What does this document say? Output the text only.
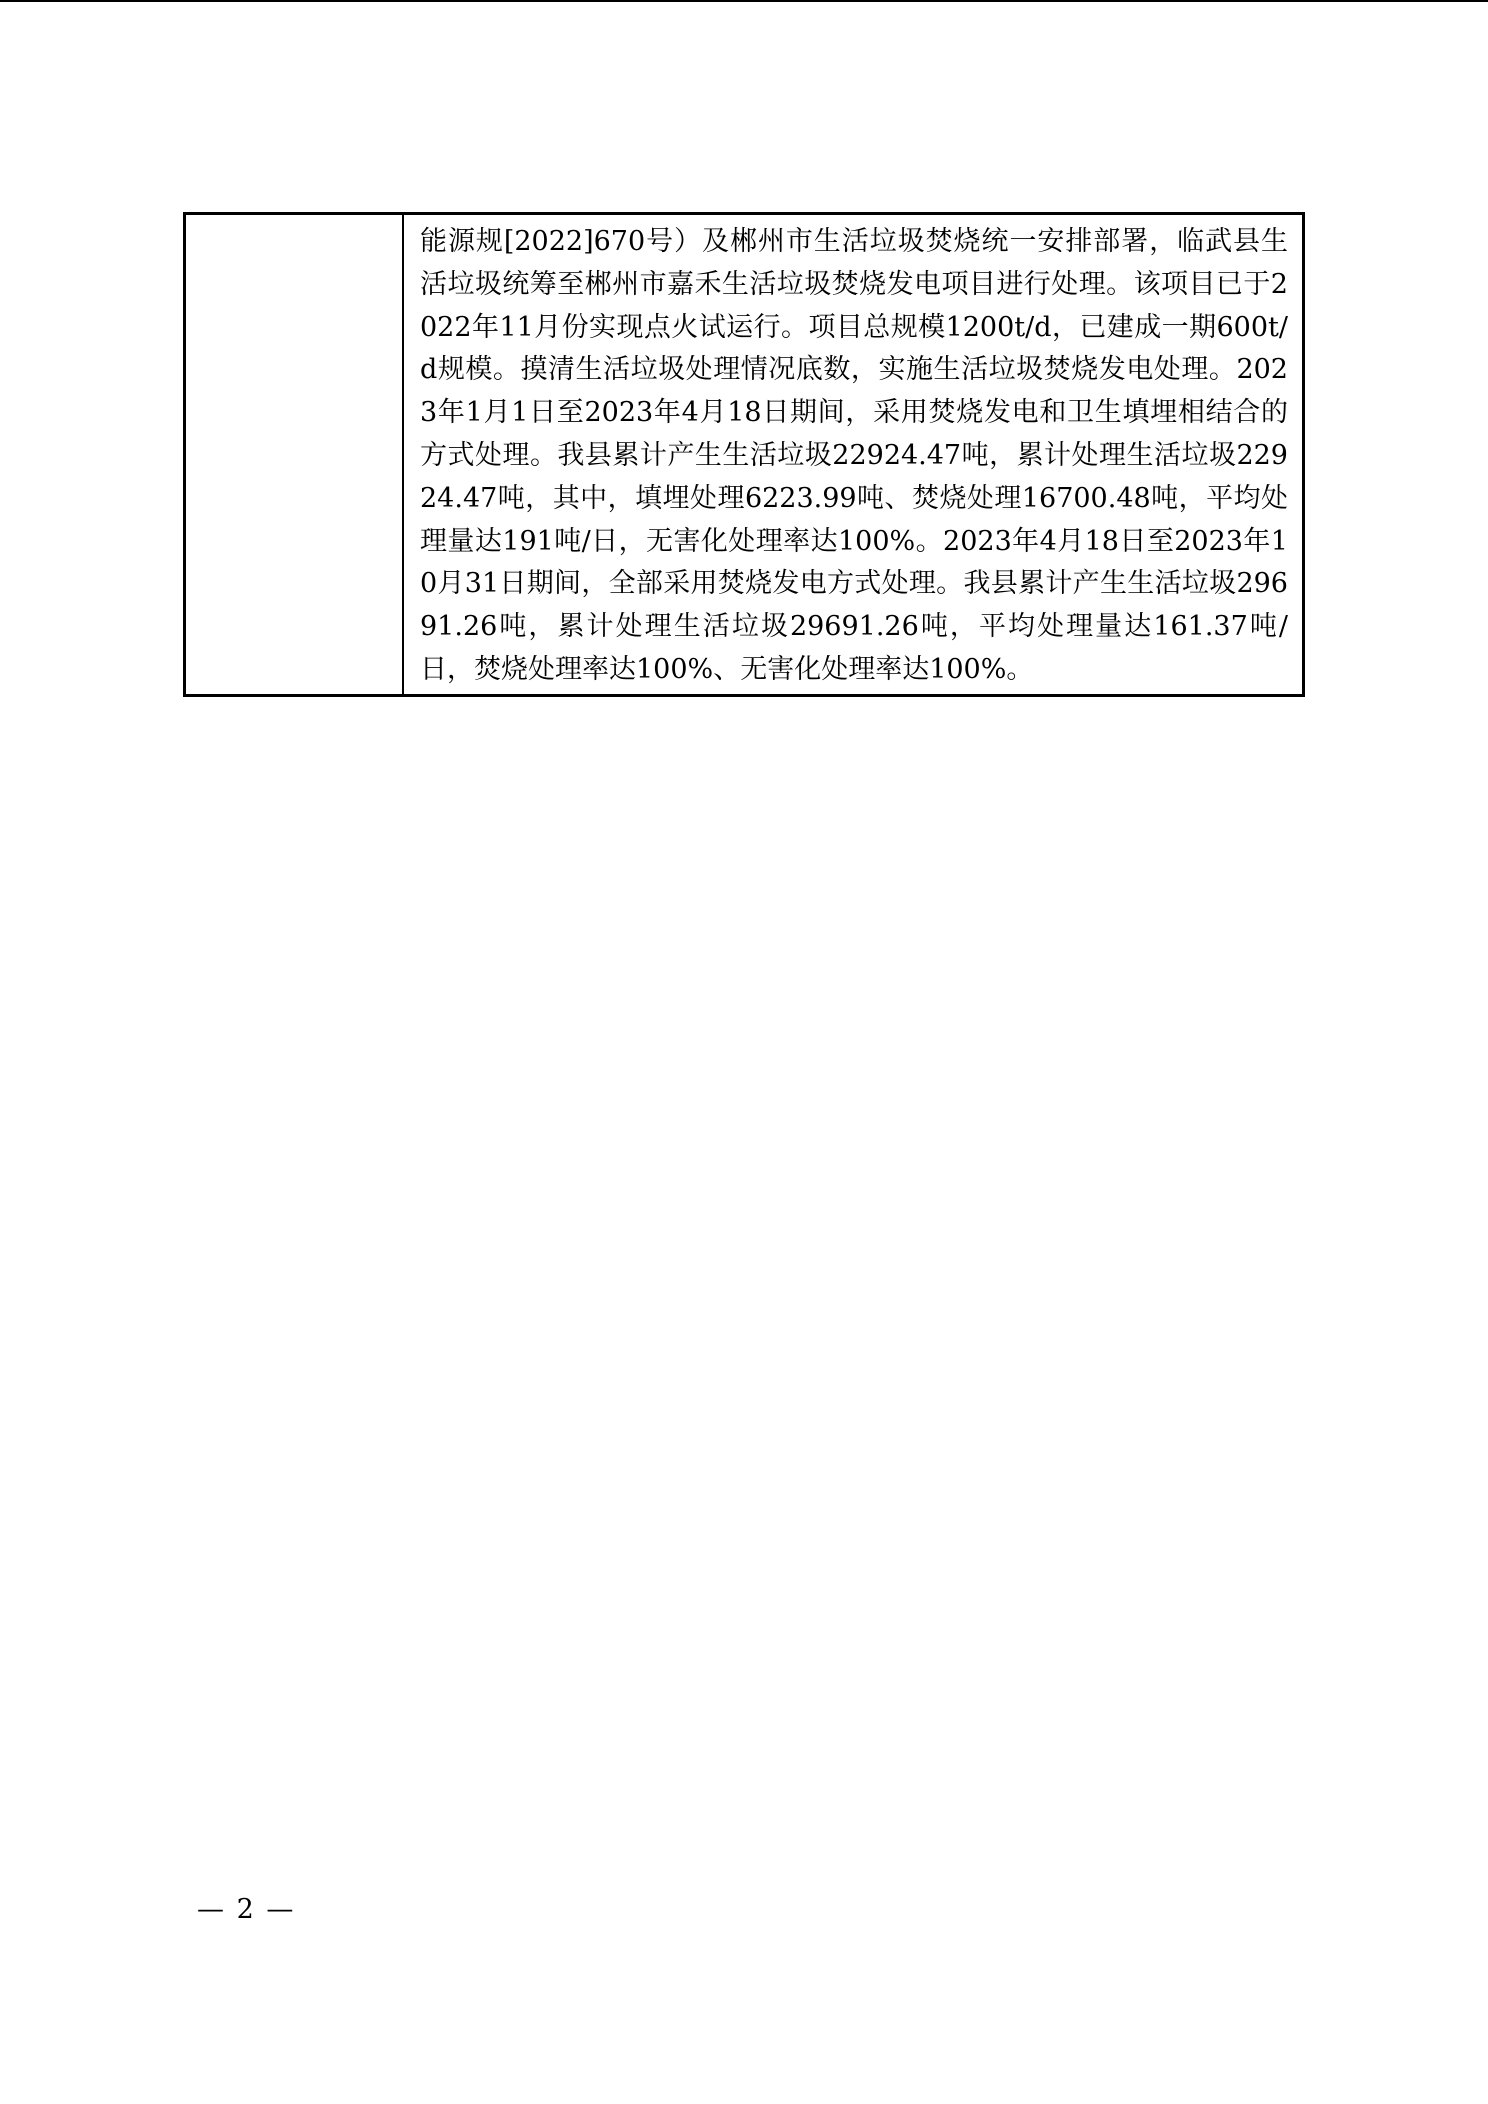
能源规[2022]670号）及郴州市生活垃圾焚烧统一安排部署，临武县生活垃圾统筹至郴州市嘉禾生活垃圾焚烧发电项目进行处理。该项目已于2022年11月份实现点火试运行。项目总规模1200t/d，已建成一期600t/d规模。摸清生活垃圾处理情况底数，实施生活垃圾焚烧发电处理。2023年1月1日至2023年4月18日期间，采用焚烧发电和卫生填埋相结合的方式处理。我县累计产生生活垃圾22924.47吨，累计处理生活垃圾22924.47吨，其中，填埋处理6223.99吨、焚烧处理16700.48吨，平均处理量达191吨/日，无害化处理率达100%。2023年4月18日至2023年10月31日期间，全部采用焚烧发电方式处理。我县累计产生生活垃圾29691.26吨，累计处理生活垃圾29691.26吨，平均处理量达161.37吨/日，焚烧处理率达100%、无害化处理率达100%。

— 2 —
